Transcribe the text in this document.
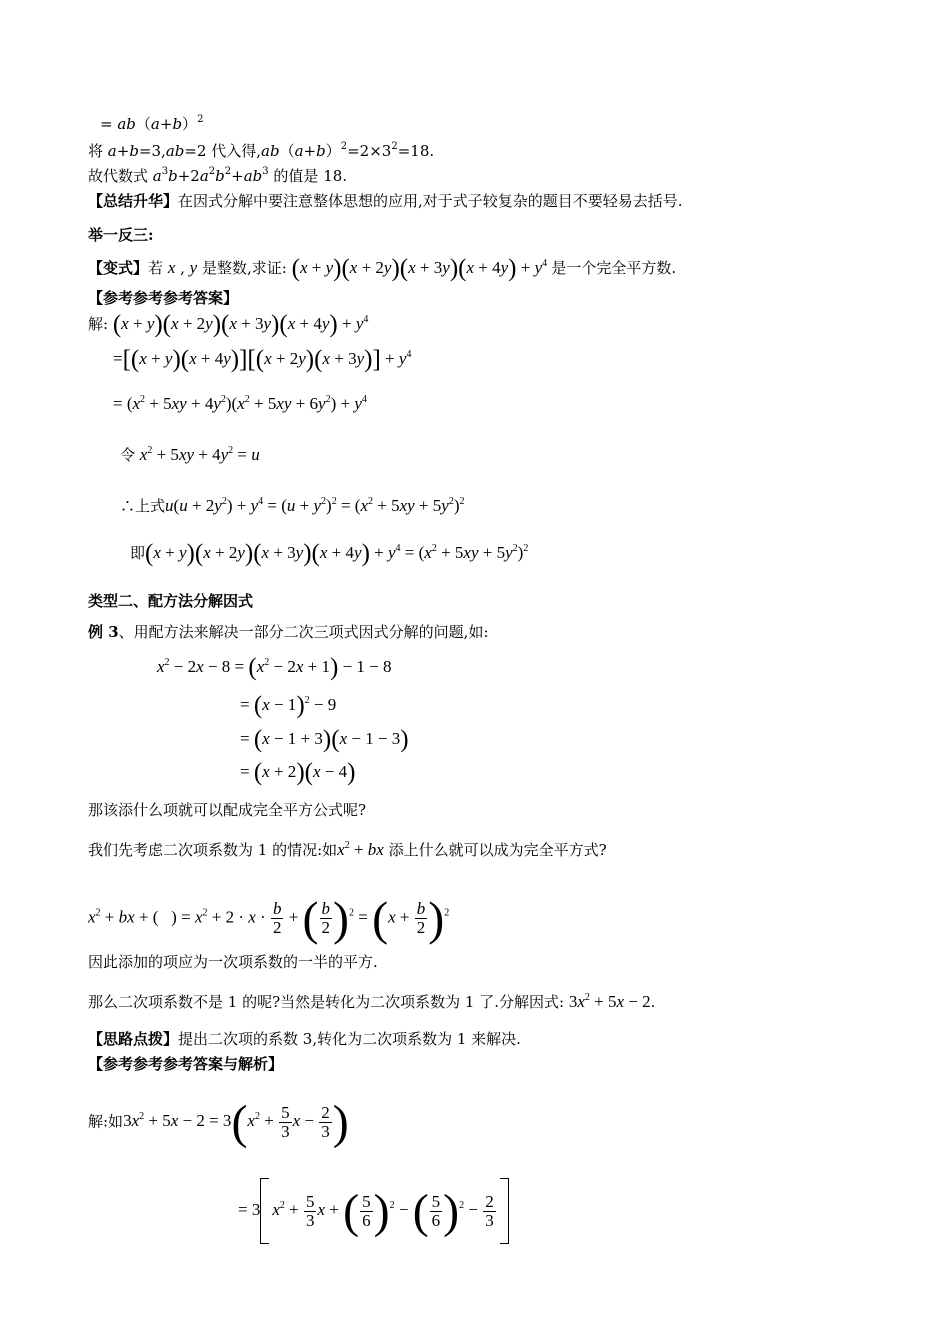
= $ab(a+b)^2$
将 a+b=3,ab=2 代入得$,ab(a+b)^2=2\times 3^2=18$.
故代数式 $a^3b+2a^2b^2+ab^3$ 的值是 18.
【总结升华】在因式分解中要注意整体思想的应用,对于式子较复杂的题目不要轻易去括号.
举一反三:
【变式】若 x , y 是整数,求证: $(x + y)(x + 2y)(x + 3y)(x + 4y) + y^4$ 是一个完全平方数.
【参考参考参考答案】
解: $(x + y)(x + 2y)(x + 3y)(x + 4y) + y^4$
$=[(x + y)(x + 4y)][(x + 2y)(x + 3y)] + y^4$
= $(x^2 + 5xy + 4y^2)(x^2 + 5xy + 6y^2) + y^4$
令 $x^2 + 5xy + 4y^2 = u$
∴上式$u(u + 2y^2) + y^4 = (u + y^2)^2 = (x^2 + 5xy + 5y^2)^2$
即$(x + y)(x + 2y)(x + 3y)(x + 4y) + y^4 = (x^2 + 5xy + 5y^2)^2$
类型二、配方法分解因式
例 3、用配方法来解决一部分二次三项式因式分解的问题,如:
$x^2 - 2x - 8 = (x^2 - 2x + 1) - 1 - 8$
= $(x - 1)^2 - 9$
= (x − 1 + 3)(x − 1 − 3)
= (x + 2)(x − 4)
那该添什么项就可以配成完全平方公式呢?
我们先考虑二次项系数为 1 的情况:如$x^2$ + bx 添上什么就可以成为完全平方式?
$x^2$ + bx + (   ) = $x^2 + 2 \cdot x \cdot \frac{b}{2}$ + ( $\frac{b}{2} )^2 = (x + \frac{b}{2} )^2$
因此添加的项应为一次项系数的一半的平方.
那么二次项系数不是 1 的呢?当然是转化为二次项系数为 1 了.分解因式: $3x^2 + 5x - 2$.
【思路点拨】提出二次项的系数 3,转化为二次项系数为 1 来解决.
【参考参考参考答案与解析】
解:如$3x^2 + 5x - 2 = 3(x^2 + \frac{5}{3}$ $x - \frac{2}{3}$ )
= 3 $x^2 + \frac{5}{3}$ x + ( $\frac{5}{6} )^2$ − ( $\frac{5}{6} )^2 - \frac{2}{3}$
